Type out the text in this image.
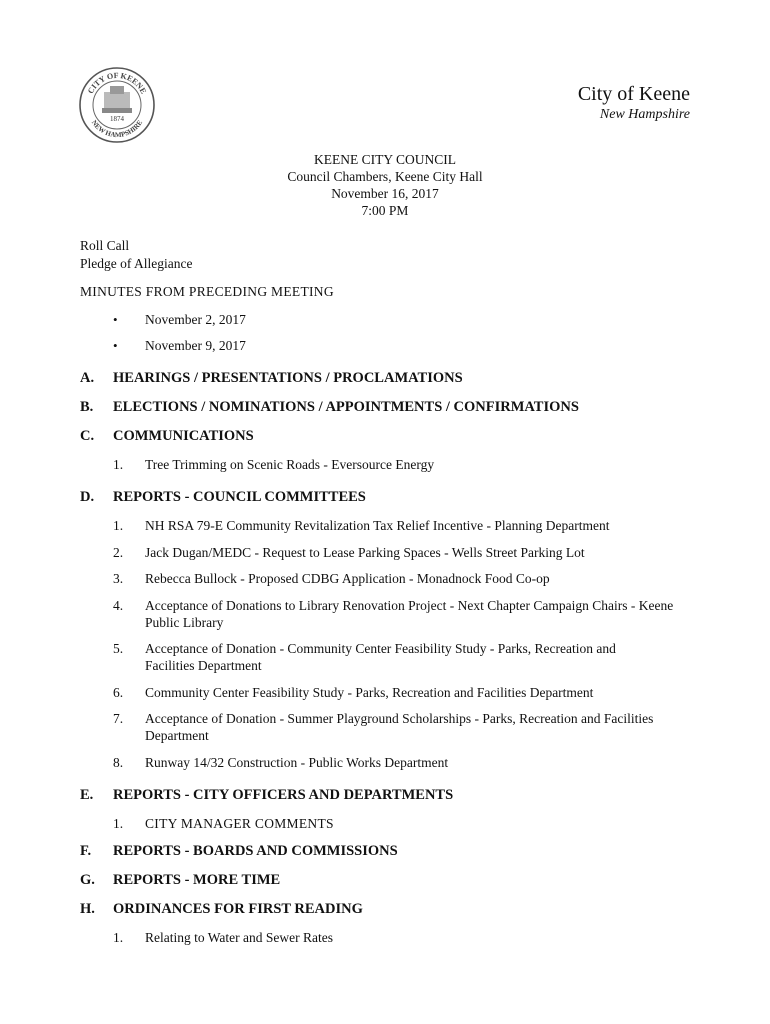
CITY OF KEENE
NEW HAMPSHIRE
1874
City of Keene
New Hampshire
KEENE CITY COUNCIL
Council Chambers, Keene City Hall
November 16, 2017
7:00 PM
Roll Call
Pledge of Allegiance
MINUTES FROM PRECEDING MEETING
• November 2, 2017
• November 9, 2017
A. HEARINGS / PRESENTATIONS / PROCLAMATIONS
B. ELECTIONS / NOMINATIONS / APPOINTMENTS / CONFIRMATIONS
C. COMMUNICATIONS
1. Tree Trimming on Scenic Roads - Eversource Energy
D. REPORTS - COUNCIL COMMITTEES
1. NH RSA 79-E Community Revitalization Tax Relief Incentive - Planning Department
2. Jack Dugan/MEDC - Request to Lease Parking Spaces - Wells Street Parking Lot
3. Rebecca Bullock - Proposed CDBG Application - Monadnock Food Co-op
4. Acceptance of Donations to Library Renovation Project - Next Chapter Campaign Chairs - Keene Public Library
5. Acceptance of Donation - Community Center Feasibility Study - Parks, Recreation and Facilities Department
6. Community Center Feasibility Study - Parks, Recreation and Facilities Department
7. Acceptance of Donation - Summer Playground Scholarships - Parks, Recreation and Facilities Department
8. Runway 14/32 Construction - Public Works Department
E. REPORTS - CITY OFFICERS AND DEPARTMENTS
1. CITY MANAGER COMMENTS
F. REPORTS - BOARDS AND COMMISSIONS
G. REPORTS - MORE TIME
H. ORDINANCES FOR FIRST READING
1. Relating to Water and Sewer Rates
